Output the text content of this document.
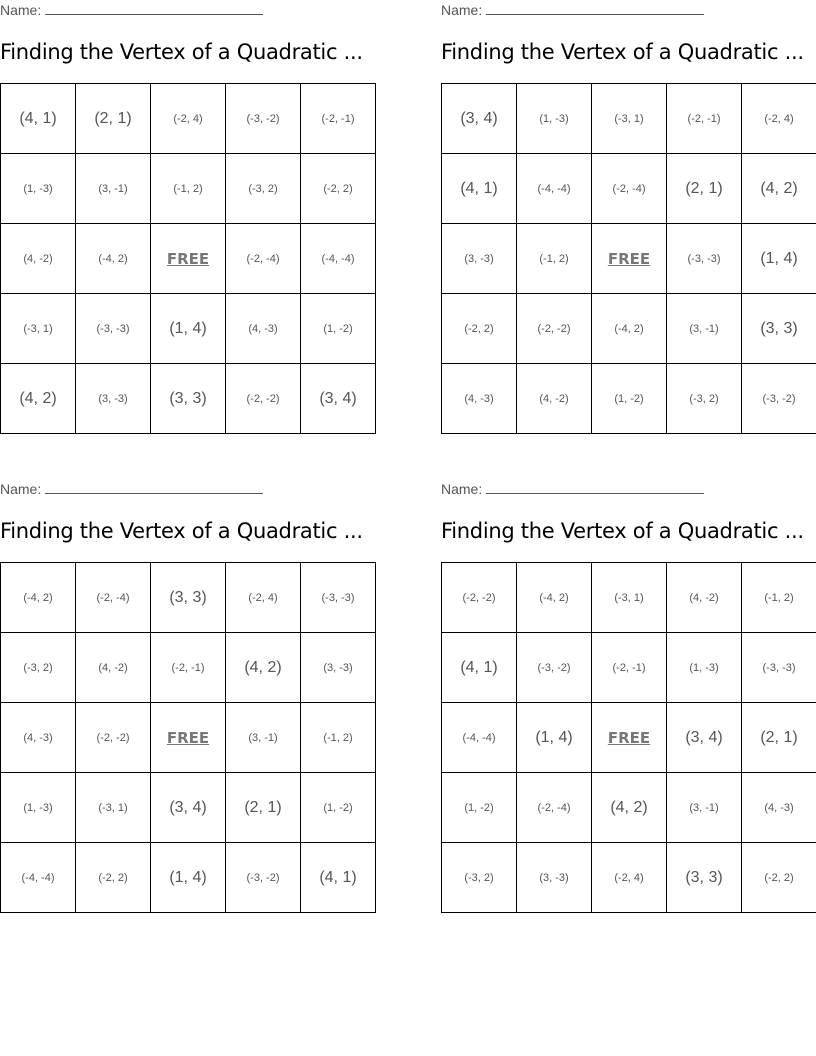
Name:
Finding the Vertex of a Quadratic ...
(4, 1)	(2, 1)	(-2, 4)	(-3, -2)	(-2, -1)
(1, -3)	(3, -1)	(-1, 2)	(-3, 2)	(-2, 2)
(4, -2)	(-4, 2)	FREE	(-2, -4)	(-4, -4)
(-3, 1)	(-3, -3)	(1, 4)	(4, -3)	(1, -2)
(4, 2)	(3, -3)	(3, 3)	(-2, -2)	(3, 4)
Name:
Finding the Vertex of a Quadratic ...
(3, 4)	(1, -3)	(-3, 1)	(-2, -1)	(-2, 4)
(4, 1)	(-4, -4)	(-2, -4)	(2, 1)	(4, 2)
(3, -3)	(-1, 2)	FREE	(-3, -3)	(1, 4)
(-2, 2)	(-2, -2)	(-4, 2)	(3, -1)	(3, 3)
(4, -3)	(4, -2)	(1, -2)	(-3, 2)	(-3, -2)
Name:
Finding the Vertex of a Quadratic ...
(-4, 2)	(-2, -4)	(3, 3)	(-2, 4)	(-3, -3)
(-3, 2)	(4, -2)	(-2, -1)	(4, 2)	(3, -3)
(4, -3)	(-2, -2)	FREE	(3, -1)	(-1, 2)
(1, -3)	(-3, 1)	(3, 4)	(2, 1)	(1, -2)
(-4, -4)	(-2, 2)	(1, 4)	(-3, -2)	(4, 1)
Name:
Finding the Vertex of a Quadratic ...
(-2, -2)	(-4, 2)	(-3, 1)	(4, -2)	(-1, 2)
(4, 1)	(-3, -2)	(-2, -1)	(1, -3)	(-3, -3)
(-4, -4)	(1, 4)	FREE	(3, 4)	(2, 1)
(1, -2)	(-2, -4)	(4, 2)	(3, -1)	(4, -3)
(-3, 2)	(3, -3)	(-2, 4)	(3, 3)	(-2, 2)
